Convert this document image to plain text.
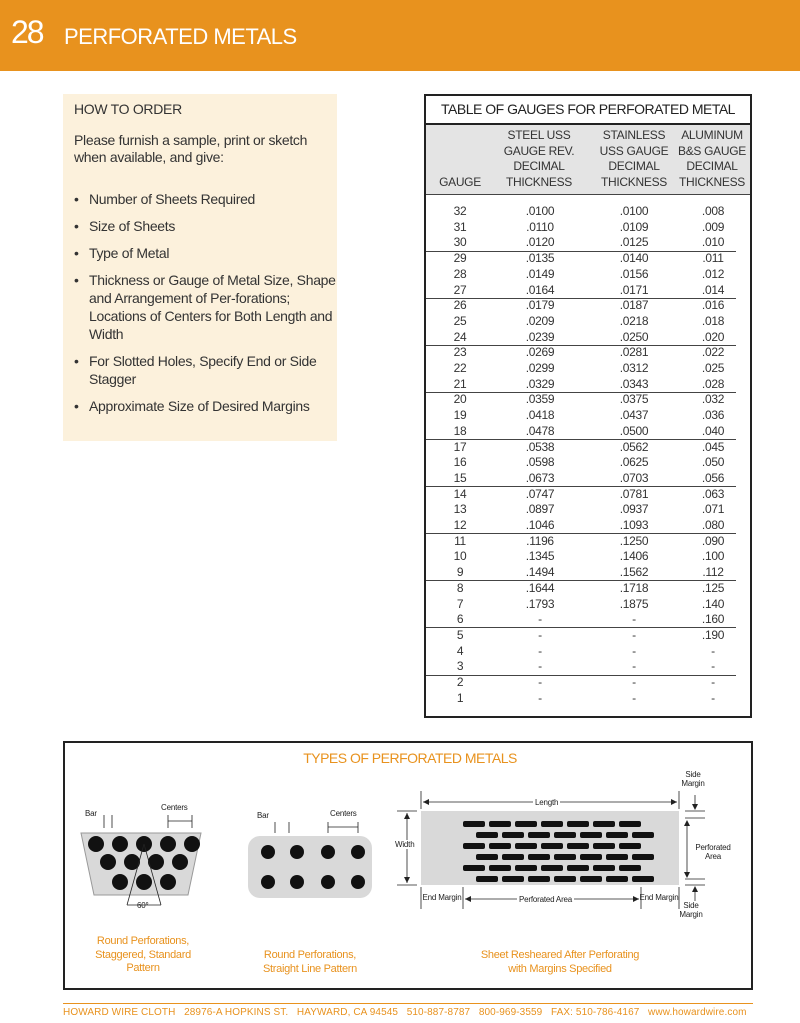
28 PERFORATED METALS
HOW TO ORDER
Please furnish a sample, print or sketch when available, and give:
• Number of Sheets Required
• Size of Sheets
• Type of Metal
• Thickness or Gauge of Metal Size, Shape and Arrangement of Per-forations; Locations of Centers for Both Length and Width
• For Slotted Holes, Specify End or Side Stagger
• Approximate Size of Desired Margins
TABLE OF GAUGES FOR PERFORATED METAL
GAUGE
STEEL USS GAUGE REV. DECIMAL THICKNESS
STAINLESS USS GAUGE DECIMAL THICKNESS
ALUMINUM B&S GAUGE DECIMAL THICKNESS
32	.0100	.0100	.008
31	.0110	.0109	.009
30	.0120	.0125	.010
29	.0135	.0140	.011
28	.0149	.0156	.012
27	.0164	.0171	.014
26	.0179	.0187	.016
25	.0209	.0218	.018
24	.0239	.0250	.020
23	.0269	.0281	.022
22	.0299	.0312	.025
21	.0329	.0343	.028
20	.0359	.0375	.032
19	.0418	.0437	.036
18	.0478	.0500	.040
17	.0538	.0562	.045
16	.0598	.0625	.050
15	.0673	.0703	.056
14	.0747	.0781	.063
13	.0897	.0937	.071
12	.1046	.1093	.080
11	.1196	.1250	.090
10	.1345	.1406	.100
9	.1494	.1562	.112
8	.1644	.1718	.125
7	.1793	.1875	.140
6	-	-	.160
5	-	-	.190
4	-	-	-
3	-	-	-
2	-	-	-
1	-	-	-
TYPES OF PERFORATED METALS
Bar
Centers
60°
Round Perforations, Staggered, Standard Pattern
Bar	Centers
Round Perforations, Straight Line Pattern
Length
Width
Side Margin
Perforated Area
Side Margin
End Margin	Perforated Area	End Margin
Sheet Resheared After Perforating with Margins Specified
HOWARD WIRE CLOTH 28976-A HOPKINS ST. HAYWARD, CA 94545 510-887-8787 800-969-3559 FAX: 510-786-4167 www.howardwire.com
